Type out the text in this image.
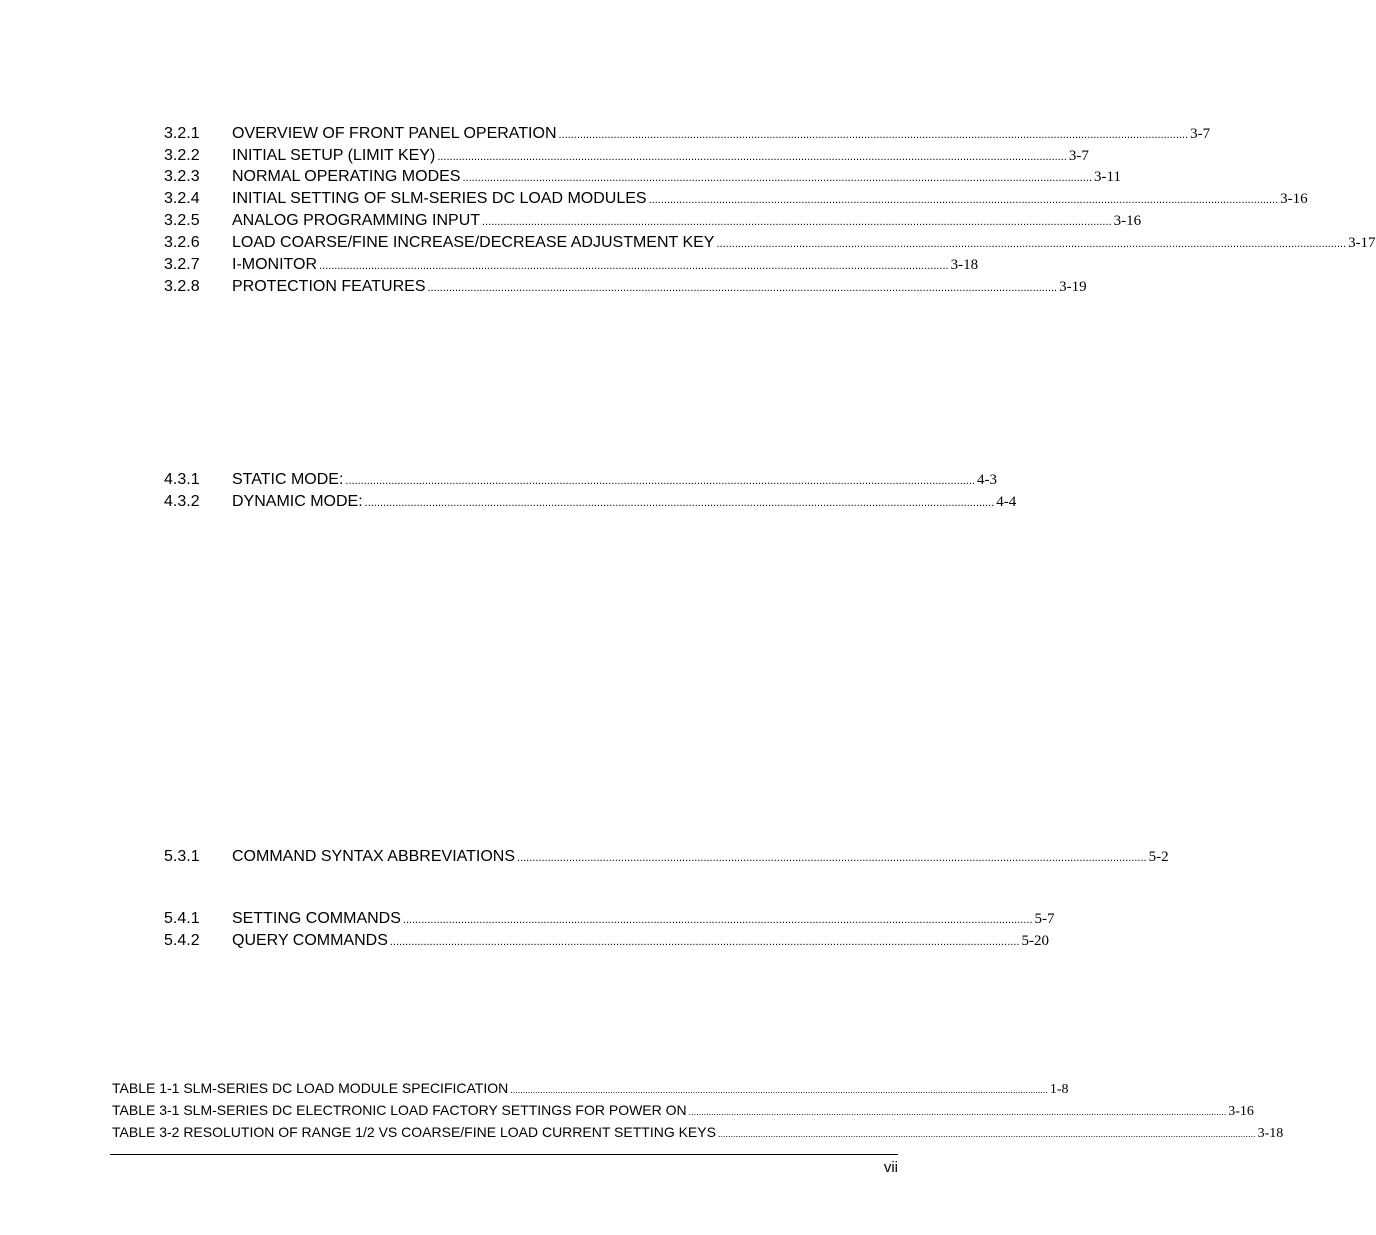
3.2.1 OVERVIEW OF FRONT PANEL OPERATION .............................................................................................................................................................................................................. 3-7
3.2.2 INITIAL SETUP (LIMIT KEY) .............................................................................................................................................................................................................. 3-7
3.2.3 NORMAL OPERATING MODES .............................................................................................................................................................................................................. 3-11
3.2.4 INITIAL SETTING OF SLM-SERIES DC LOAD MODULES .............................................................................................................................................................................................................. 3-16
3.2.5 ANALOG PROGRAMMING INPUT .............................................................................................................................................................................................................. 3-16
3.2.6 LOAD COARSE/FINE INCREASE/DECREASE ADJUSTMENT KEY .............................................................................................................................................................................................................. 3-17
3.2.7 I-MONITOR .............................................................................................................................................................................................................. 3-18
3.2.8 PROTECTION FEATURES .............................................................................................................................................................................................................. 3-19
4.3.1 STATIC MODE: .............................................................................................................................................................................................................. 4-3
4.3.2 DYNAMIC MODE: .............................................................................................................................................................................................................. 4-4
5.3.1 COMMAND SYNTAX ABBREVIATIONS .............................................................................................................................................................................................................. 5-2
5.4.1 SETTING COMMANDS .............................................................................................................................................................................................................. 5-7
5.4.2 QUERY COMMANDS .............................................................................................................................................................................................................. 5-20
TABLE 1-1 SLM-SERIES DC LOAD MODULE SPECIFICATION ....................................................................................................................................................................................................................... 1-8
TABLE 3-1 SLM-SERIES DC ELECTRONIC LOAD FACTORY SETTINGS FOR POWER ON ....................................................................................................................................................................................................................... 3-16
TABLE 3-2 RESOLUTION OF RANGE 1/2 VS COARSE/FINE LOAD CURRENT SETTING KEYS ....................................................................................................................................................................................................................... 3-18
vii
